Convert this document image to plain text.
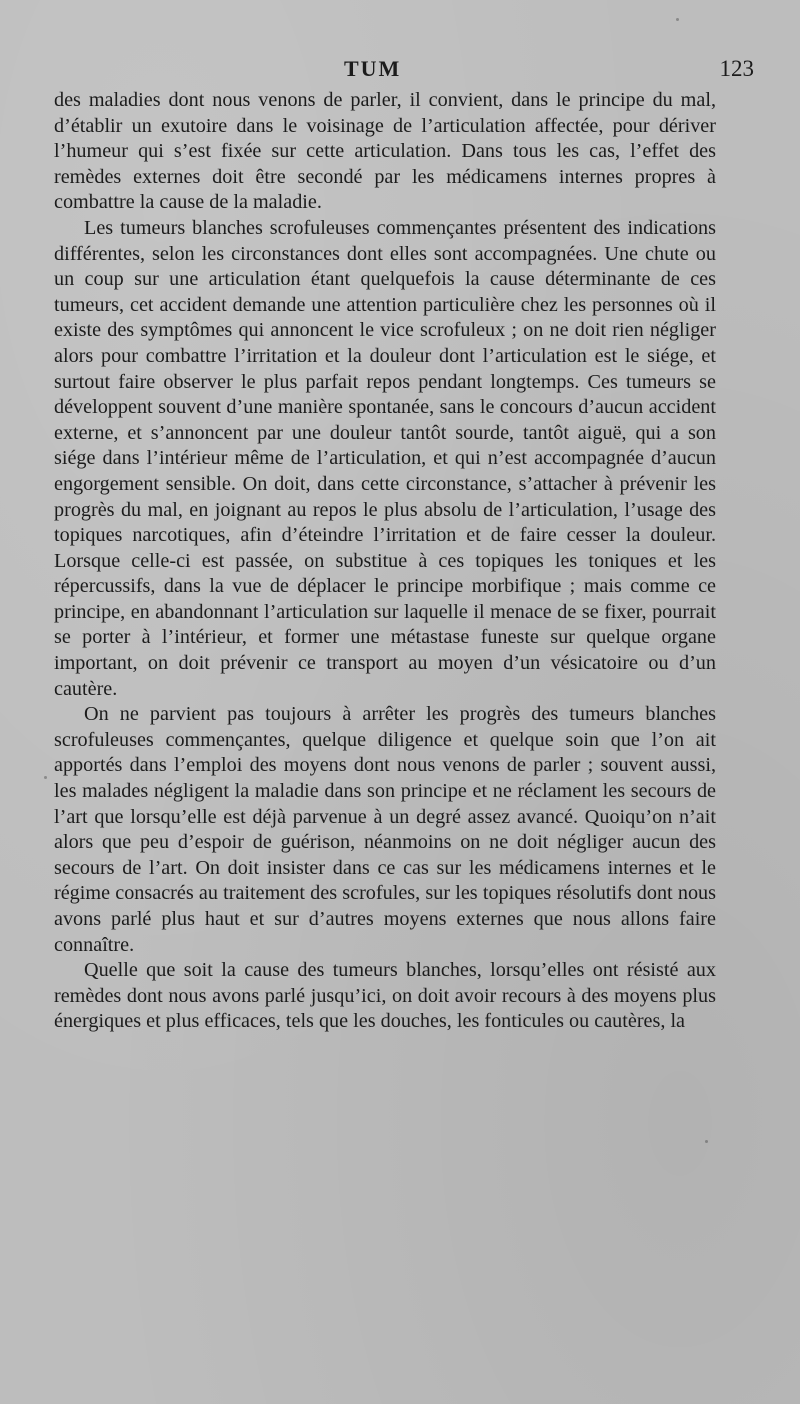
TUM	123

des maladies dont nous venons de parler, il convient, dans le principe du mal, d’établir un exutoire dans le voisinage de l’articulation affectée, pour dériver l’humeur qui s’est fixée sur cette articulation. Dans tous les cas, l’effet des remèdes externes doit être secondé par les médicamens internes propres à combattre la cause de la maladie.

Les tumeurs blanches scrofuleuses commençantes présentent des indications différentes, selon les circonstances dont elles sont accompagnées. Une chute ou un coup sur une articulation étant quelquefois la cause déterminante de ces tumeurs, cet accident demande une attention particulière chez les personnes où il existe des symptômes qui annoncent le vice scrofuleux ; on ne doit rien négliger alors pour combattre l’irritation et la douleur dont l’articulation est le siége, et surtout faire observer le plus parfait repos pendant longtemps. Ces tumeurs se développent souvent d’une manière spontanée, sans le concours d’aucun accident externe, et s’annoncent par une douleur tantôt sourde, tantôt aiguë, qui a son siége dans l’intérieur même de l’articulation, et qui n’est accompagnée d’aucun engorgement sensible. On doit, dans cette circonstance, s’attacher à prévenir les progrès du mal, en joignant au repos le plus absolu de l’articulation, l’usage des topiques narcotiques, afin d’éteindre l’irritation et de faire cesser la douleur. Lorsque celle-ci est passée, on substitue à ces topiques les toniques et les répercussifs, dans la vue de déplacer le principe morbifique ; mais comme ce principe, en abandonnant l’articulation sur laquelle il menace de se fixer, pourrait se porter à l’intérieur, et former une métastase funeste sur quelque organe important, on doit prévenir ce transport au moyen d’un vésicatoire ou d’un cautère.

On ne parvient pas toujours à arrêter les progrès des tumeurs blanches scrofuleuses commençantes, quelque diligence et quelque soin que l’on ait apportés dans l’emploi des moyens dont nous venons de parler ; souvent aussi, les malades négligent la maladie dans son principe et ne réclament les secours de l’art que lorsqu’elle est déjà parvenue à un degré assez avancé. Quoiqu’on n’ait alors que peu d’espoir de guérison, néanmoins on ne doit négliger aucun des secours de l’art. On doit insister dans ce cas sur les médicamens internes et le régime consacrés au traitement des scrofules, sur les topiques résolutifs dont nous avons parlé plus haut et sur d’autres moyens externes que nous allons faire connaître.

Quelle que soit la cause des tumeurs blanches, lorsqu’elles ont résisté aux remèdes dont nous avons parlé jusqu’ici, on doit avoir recours à des moyens plus énergiques et plus efficaces, tels que les douches, les fonticules ou cautères, la
